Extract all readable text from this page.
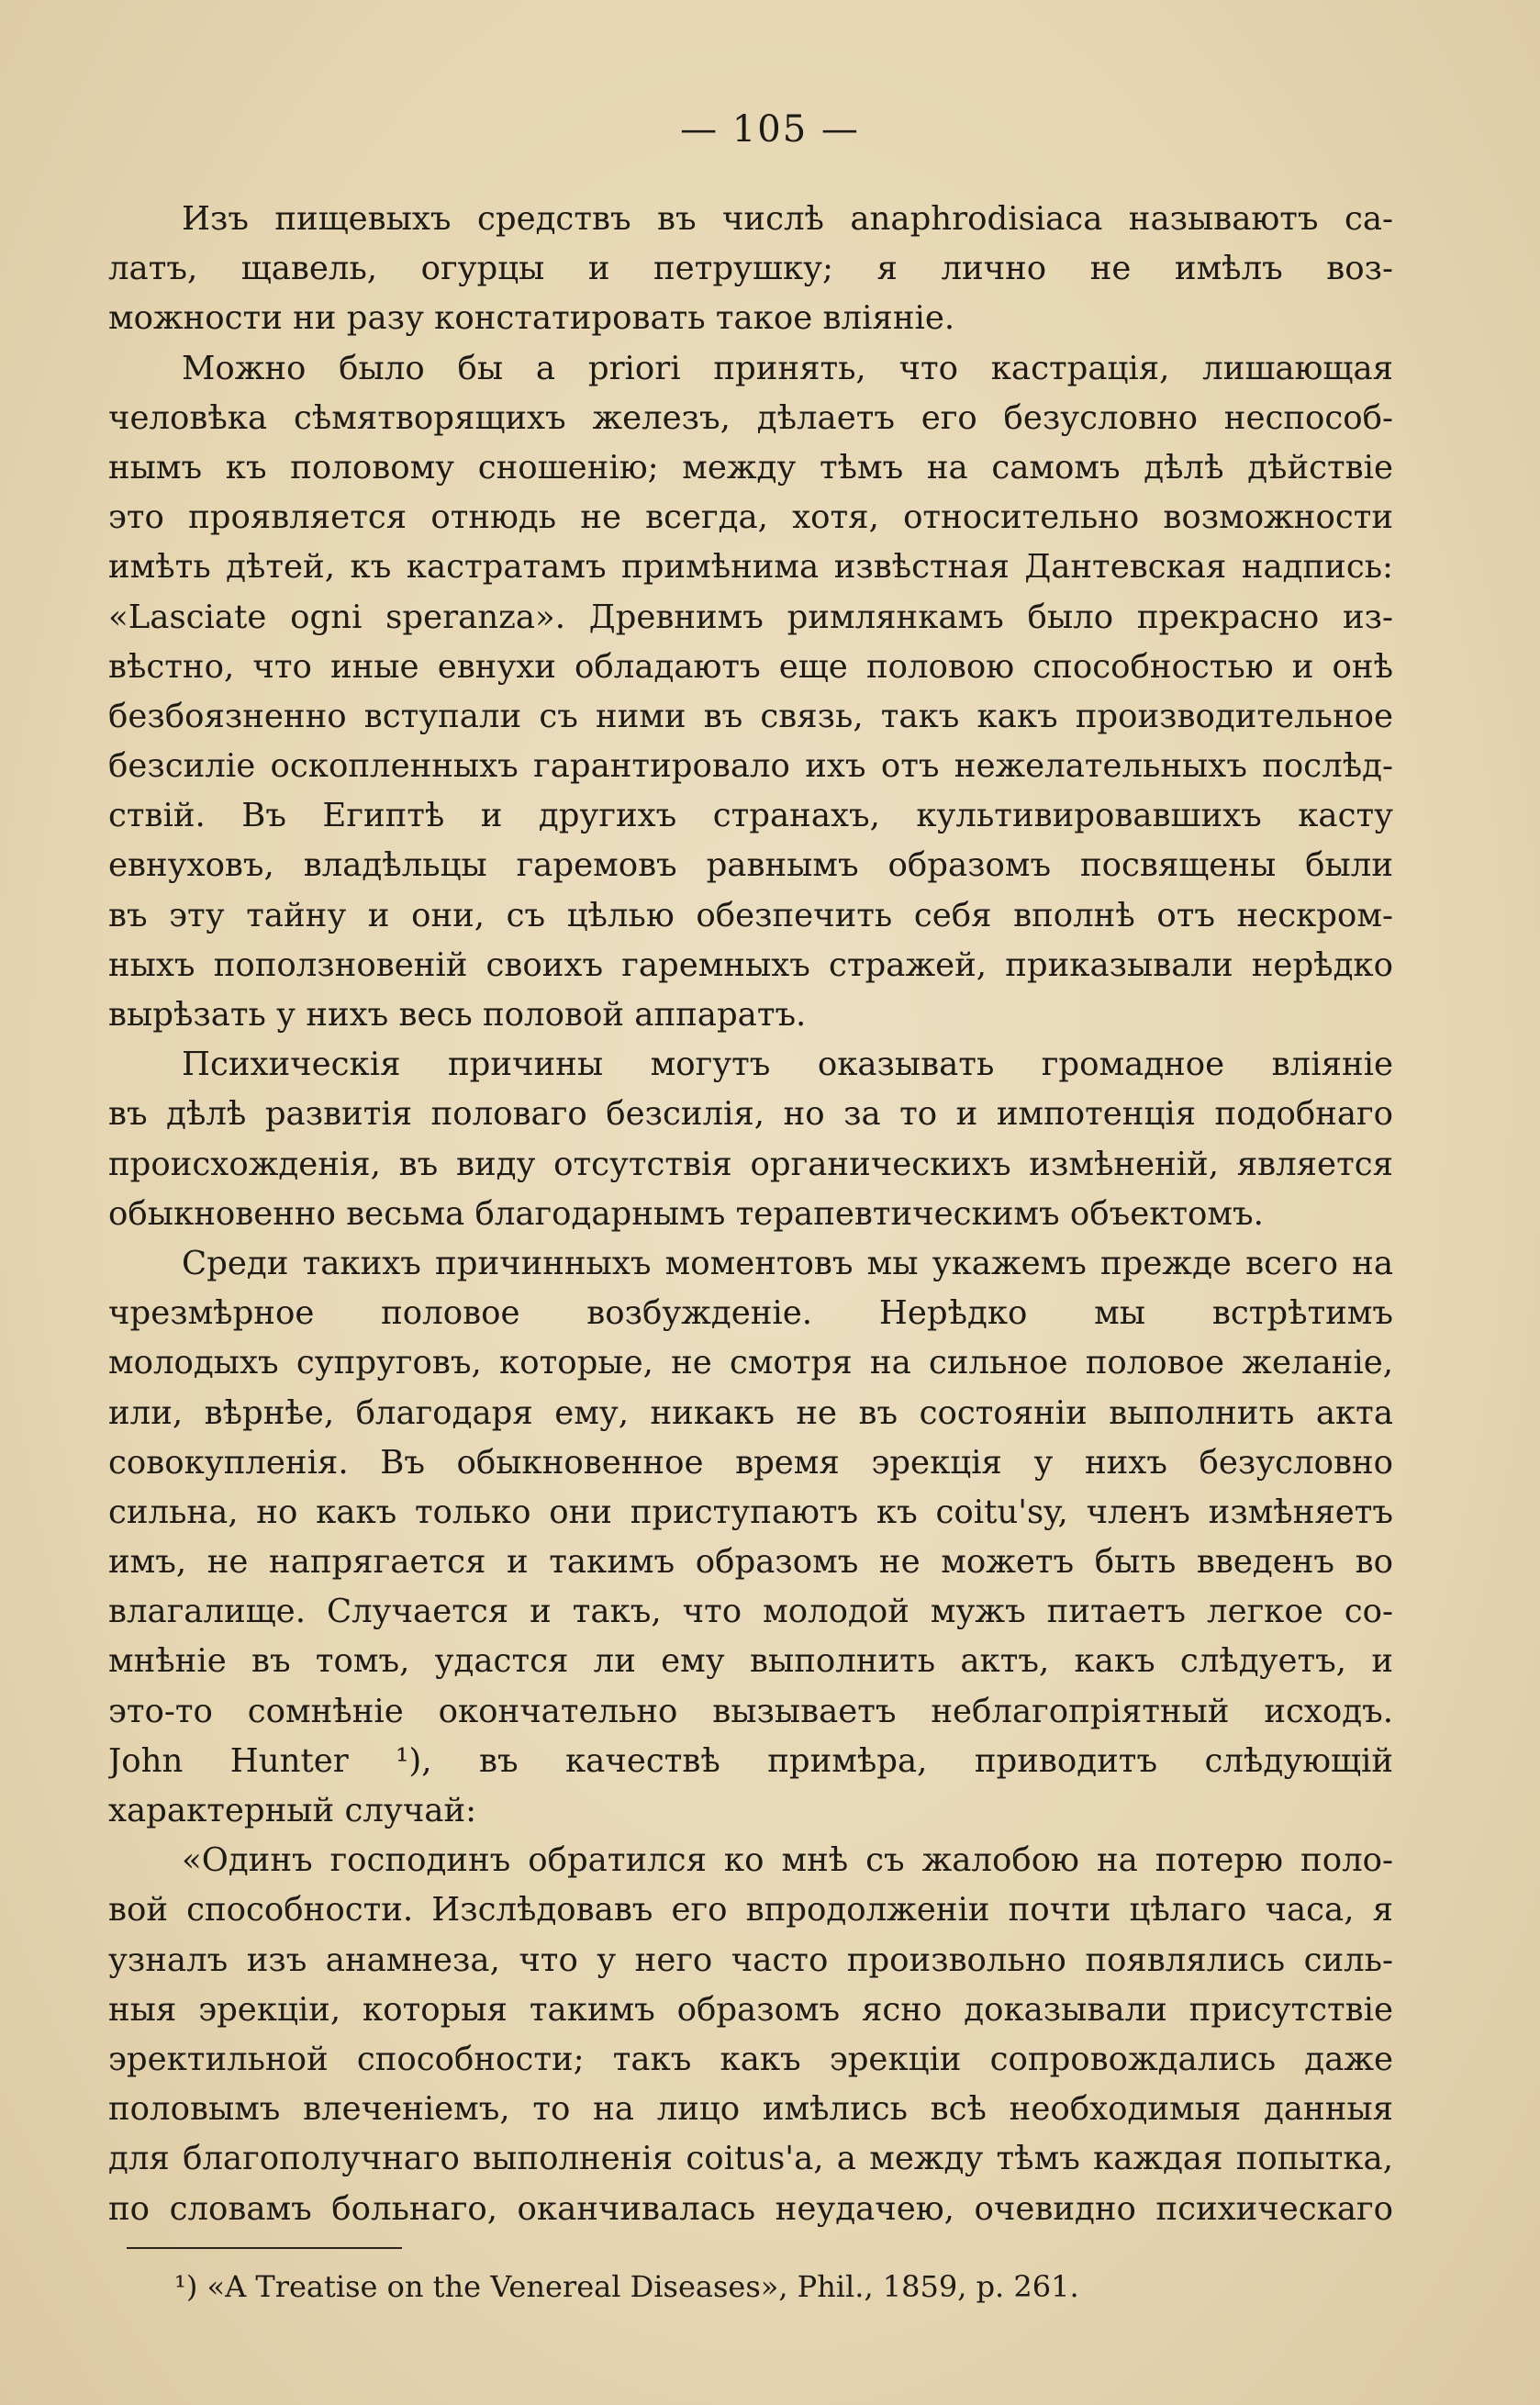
— 105 —
Изъ пищевыхъ средствъ въ числѣ anaphrodisiaca называютъ са-
латъ, щавель, огурцы и петрушку; я лично не имѣлъ воз-
можности ни разу констатировать такое вліяніе.
Можно было бы a priori принять, что кастрація, лишающая
человѣка сѣмятворящихъ железъ, дѣлаетъ его безусловно неспособ-
нымъ къ половому сношенію; между тѣмъ на самомъ дѣлѣ дѣйствіе
это проявляется отнюдь не всегда, хотя, относительно возможности
имѣть дѣтей, къ кастратамъ примѣнима извѣстная Дантевская надпись:
«Lasciate ogni speranza». Древнимъ римлянкамъ было прекрасно из-
вѣстно, что иные евнухи обладаютъ еще половою способностью и онѣ
безбоязненно вступали съ ними въ связь, такъ какъ производительное
безсиліе оскопленныхъ гарантировало ихъ отъ нежелательныхъ послѣд-
ствій. Въ Египтѣ и другихъ странахъ, культивировавшихъ касту
евнуховъ, владѣльцы гаремовъ равнымъ образомъ посвящены были
въ эту тайну и они, съ цѣлью обезпечить себя вполнѣ отъ нескром-
ныхъ поползновеній своихъ гаремныхъ стражей, приказывали нерѣдко
вырѣзать у нихъ весь половой аппаратъ.
Психическія причины могутъ оказывать громадное вліяніе
въ дѣлѣ развитія половаго безсилія, но за то и импотенція подобнаго
происхожденія, въ виду отсутствія органическихъ измѣненій, является
обыкновенно весьма благодарнымъ терапевтическимъ объектомъ.
Среди такихъ причинныхъ моментовъ мы укажемъ прежде всего на
чрезмѣрное половое возбужденіе. Нерѣдко мы встрѣтимъ
молодыхъ супруговъ, которые, не смотря на сильное половое желаніе,
или, вѣрнѣе, благодаря ему, никакъ не въ состояніи выполнить акта
совокупленія. Въ обыкновенное время эрекція у нихъ безусловно
сильна, но какъ только они приступаютъ къ coitu'sy, членъ измѣняетъ
имъ, не напрягается и такимъ образомъ не можетъ быть введенъ во
влагалище. Случается и такъ, что молодой мужъ питаетъ легкое со-
мнѣніе въ томъ, удастся ли ему выполнить актъ, какъ слѣдуетъ, и
это-то сомнѣніе окончательно вызываетъ неблагопріятный исходъ.
John Hunter ¹), въ качествѣ примѣра, приводитъ слѣдующій
характерный случай:
«Одинъ господинъ обратился ко мнѣ съ жалобою на потерю поло-
вой способности. Изслѣдовавъ его впродолженіи почти цѣлаго часа, я
узналъ изъ анамнеза, что у него часто произвольно появлялись силь-
ныя эрекціи, которыя такимъ образомъ ясно доказывали присутствіе
эректильной способности; такъ какъ эрекціи сопровождались даже
половымъ влеченіемъ, то на лицо имѣлись всѣ необходимыя данныя
для благополучнаго выполненія coitus'a, а между тѣмъ каждая попытка,
по словамъ больнаго, оканчивалась неудачею, очевидно психическаго
¹) «A Treatise on the Venereal Diseases», Phil., 1859, p. 261.
